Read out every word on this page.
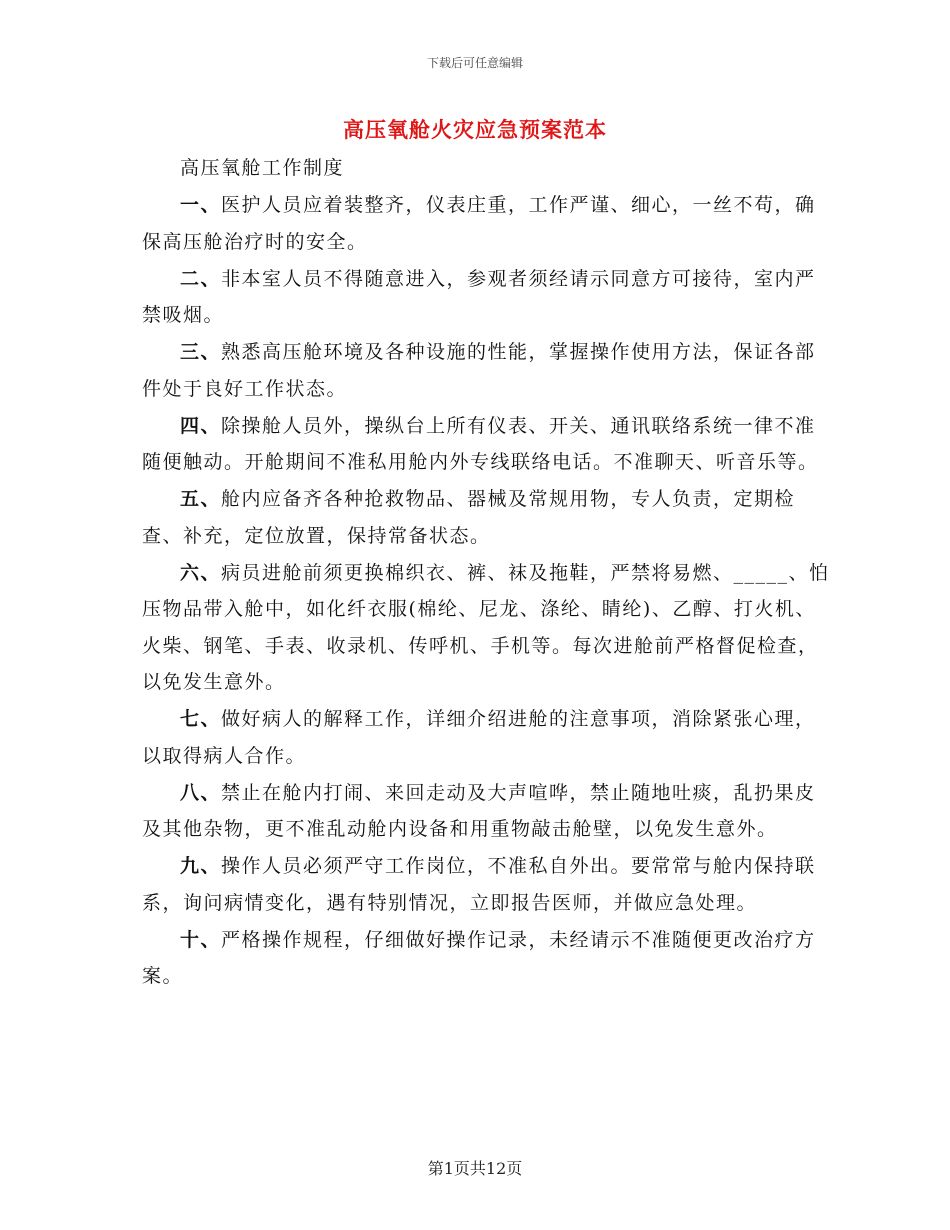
下载后可任意编辑
高压氧舱火灾应急预案范本

高压氧舱工作制度

一、医护人员应着装整齐，仪表庄重，工作严谨、细心，一丝不苟，确保高压舱治疗时的安全。

二、非本室人员不得随意进入，参观者须经请示同意方可接待，室内严禁吸烟。

三、熟悉高压舱环境及各种设施的性能，掌握操作使用方法，保证各部件处于良好工作状态。

四、除操舱人员外，操纵台上所有仪表、开关、通讯联络系统一律不准随便触动。开舱期间不准私用舱内外专线联络电话。不准聊天、听音乐等。

五、舱内应备齐各种抢救物品、器械及常规用物，专人负责，定期检查、补充，定位放置，保持常备状态。

六、病员进舱前须更换棉织衣、裤、袜及拖鞋，严禁将易燃、_____、怕压物品带入舱中，如化纤衣服(棉纶、尼龙、涤纶、睛纶)、乙醇、打火机、火柴、钢笔、手表、收录机、传呼机、手机等。每次进舱前严格督促检查，以免发生意外。

七、做好病人的解释工作，详细介绍进舱的注意事项，消除紧张心理，以取得病人合作。

八、禁止在舱内打闹、来回走动及大声喧哗，禁止随地吐痰，乱扔果皮及其他杂物，更不准乱动舱内设备和用重物敲击舱壁，以免发生意外。

九、操作人员必须严守工作岗位，不准私自外出。要常常与舱内保持联系，询问病情变化，遇有特别情况，立即报告医师，并做应急处理。

十、严格操作规程，仔细做好操作记录，未经请示不准随便更改治疗方案。

第1页共12页
